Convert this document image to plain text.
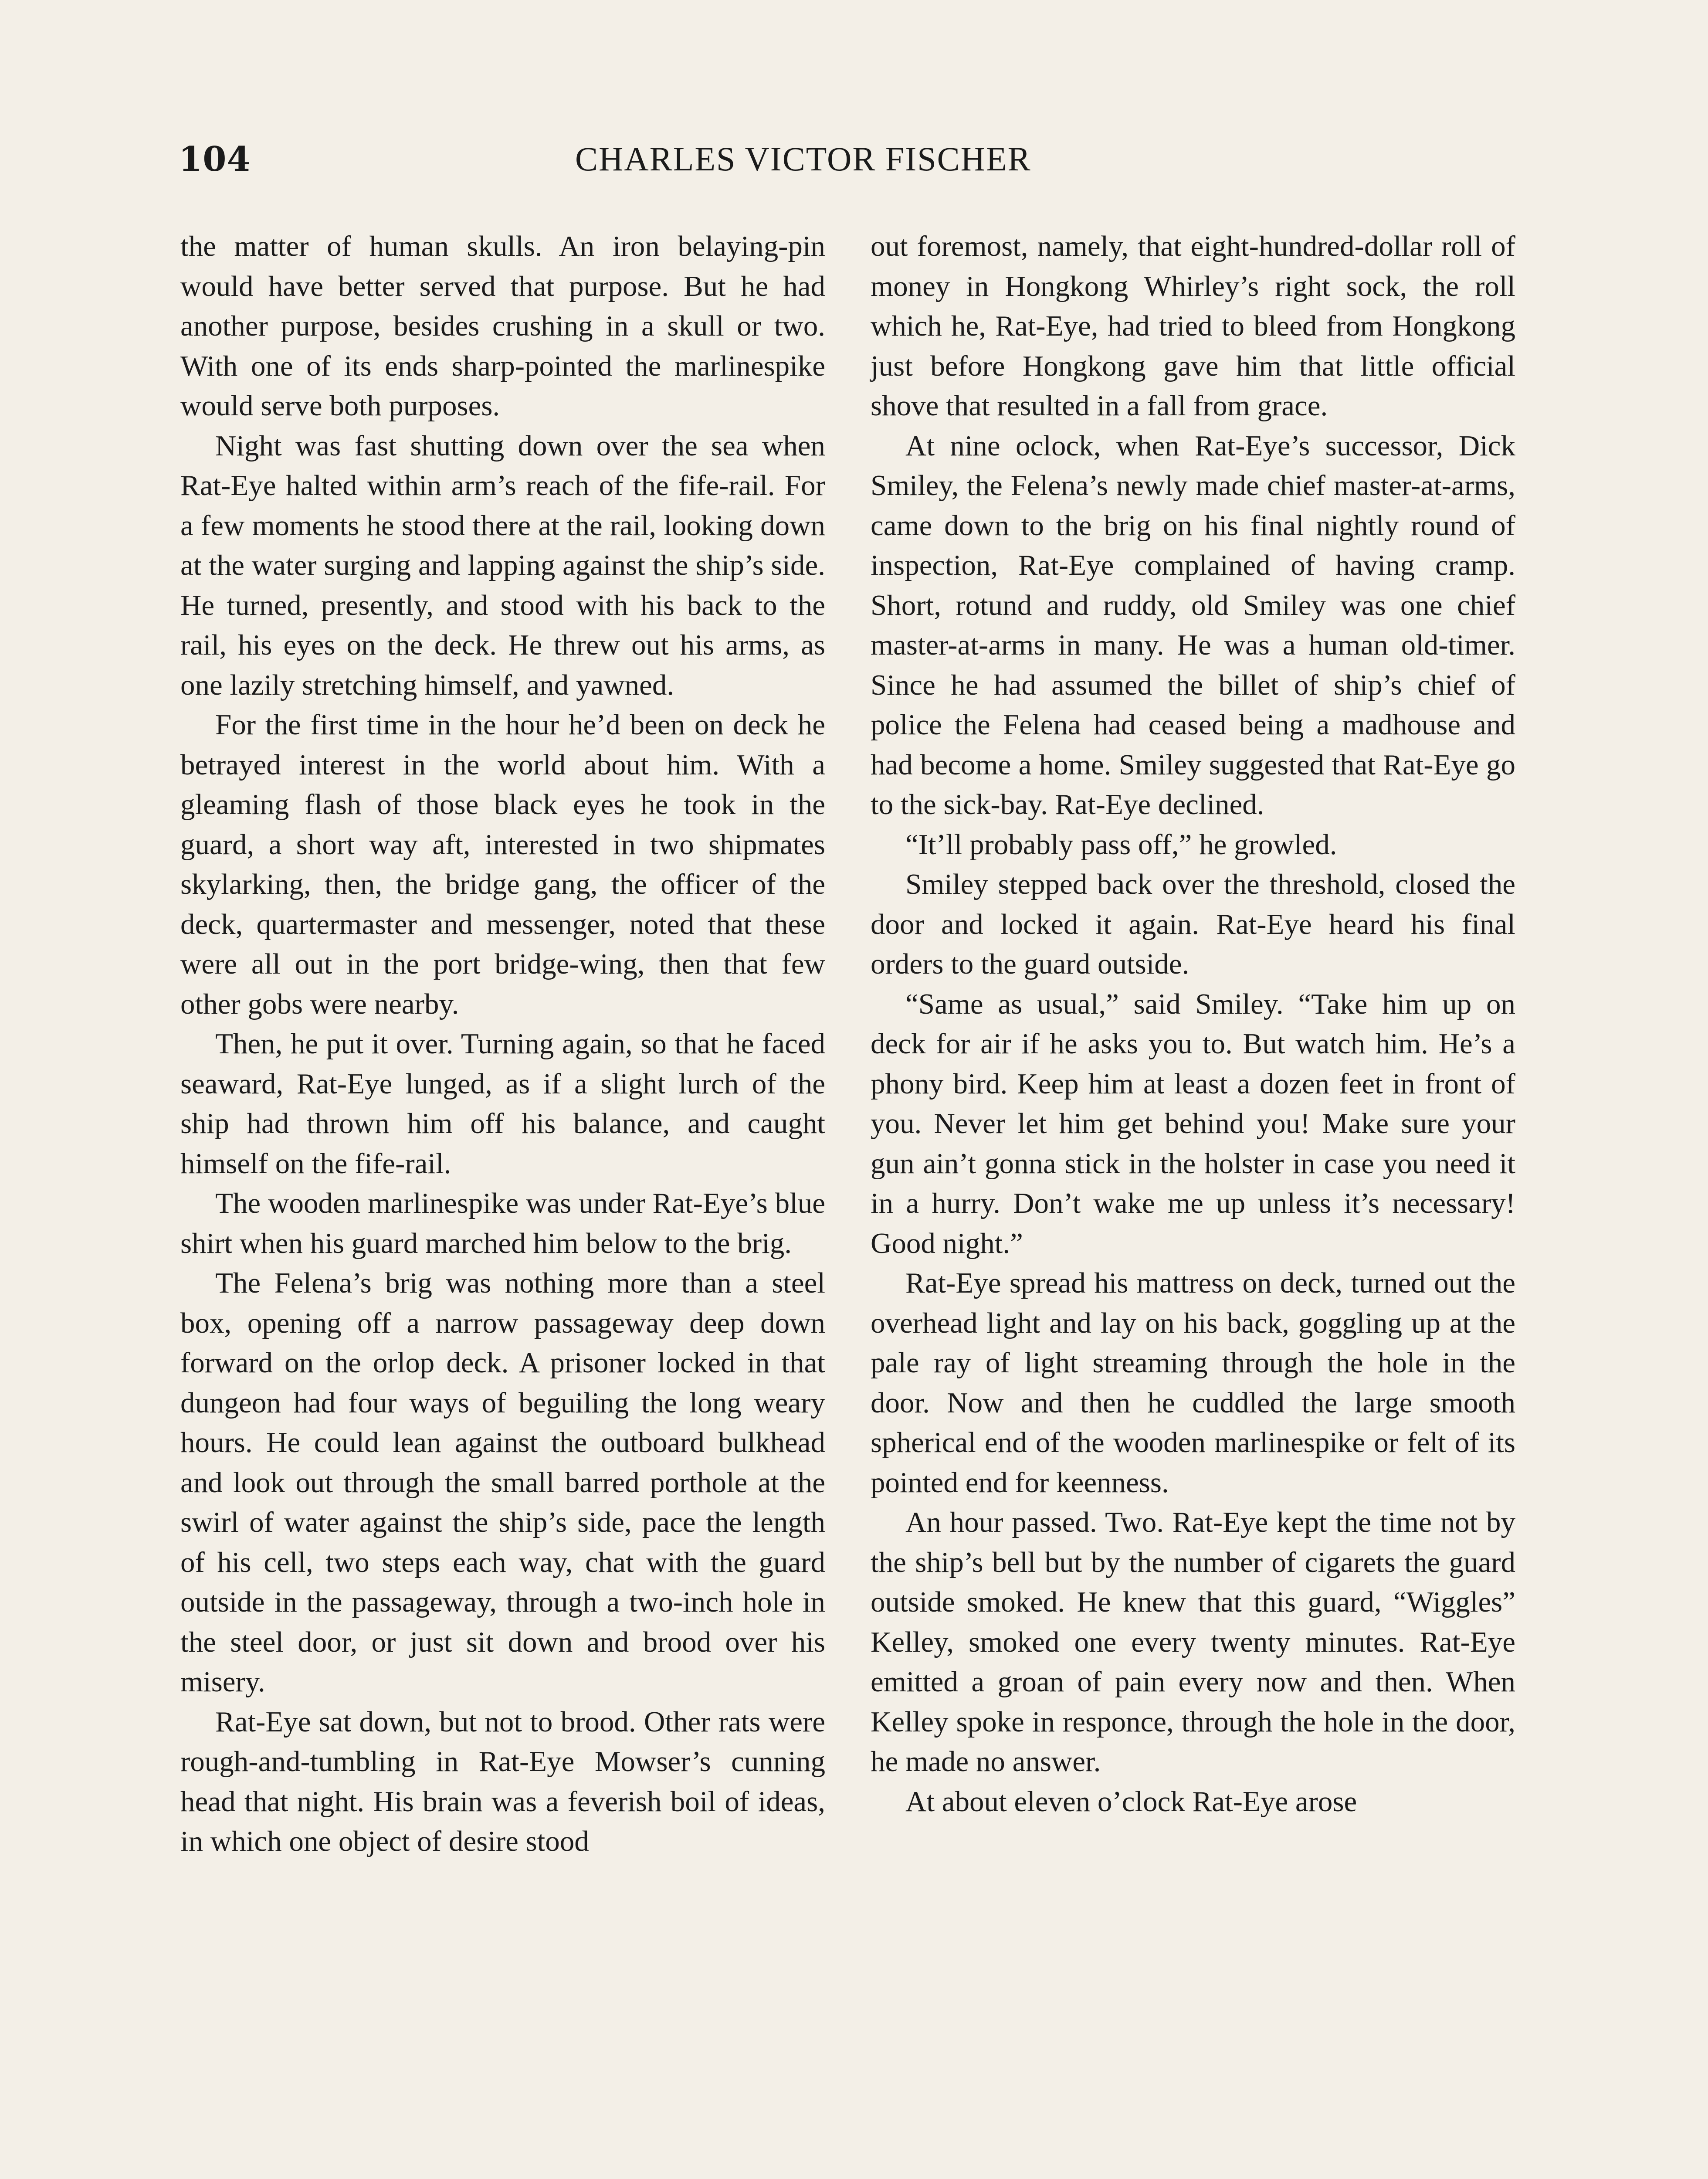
104	CHARLES VICTOR FISCHER

the matter of human skulls. An iron belaying-pin would have better served that purpose. But he had another purpose, besides crushing in a skull or two. With one of its ends sharp-pointed the marlinespike would serve both purposes.

Night was fast shutting down over the sea when Rat-Eye halted within arm’s reach of the fife-rail. For a few moments he stood there at the rail, looking down at the water surging and lapping against the ship’s side. He turned, presently, and stood with his back to the rail, his eyes on the deck. He threw out his arms, as one lazily stretching himself, and yawned.

For the first time in the hour he’d been on deck he betrayed interest in the world about him. With a gleaming flash of those black eyes he took in the guard, a short way aft, interested in two shipmates skylarking, then, the bridge gang, the officer of the deck, quartermaster and messenger, noted that these were all out in the port bridge-wing, then that few other gobs were nearby.

Then, he put it over. Turning again, so that he faced seaward, Rat-Eye lunged, as if a slight lurch of the ship had thrown him off his balance, and caught himself on the fife-rail.

The wooden marlinespike was under Rat-Eye’s blue shirt when his guard marched him below to the brig.

The Felena’s brig was nothing more than a steel box, opening off a narrow passageway deep down forward on the orlop deck. A prisoner locked in that dungeon had four ways of beguiling the long weary hours. He could lean against the outboard bulkhead and look out through the small barred porthole at the swirl of water against the ship’s side, pace the length of his cell, two steps each way, chat with the guard outside in the passageway, through a two-inch hole in the steel door, or just sit down and brood over his misery.

Rat-Eye sat down, but not to brood. Other rats were rough-and-tumbling in Rat-Eye Mowser’s cunning head that night. His brain was a feverish boil of ideas, in which one object of desire stood

out foremost, namely, that eight-hundred-dollar roll of money in Hongkong Whirley’s right sock, the roll which he, Rat-Eye, had tried to bleed from Hongkong just before Hongkong gave him that little official shove that resulted in a fall from grace.

At nine oclock, when Rat-Eye’s successor, Dick Smiley, the Felena’s newly made chief master-at-arms, came down to the brig on his final nightly round of inspection, Rat-Eye complained of having cramp. Short, rotund and ruddy, old Smiley was one chief master-at-arms in many. He was a human old-timer. Since he had assumed the billet of ship’s chief of police the Felena had ceased being a madhouse and had become a home. Smiley suggested that Rat-Eye go to the sick-bay. Rat-Eye declined.

“It’ll probably pass off,” he growled.

Smiley stepped back over the threshold, closed the door and locked it again. Rat-Eye heard his final orders to the guard outside.

“Same as usual,” said Smiley. “Take him up on deck for air if he asks you to. But watch him. He’s a phony bird. Keep him at least a dozen feet in front of you. Never let him get behind you! Make sure your gun ain’t gonna stick in the holster in case you need it in a hurry. Don’t wake me up unless it’s necessary! Good night.”

Rat-Eye spread his mattress on deck, turned out the overhead light and lay on his back, goggling up at the pale ray of light streaming through the hole in the door. Now and then he cuddled the large smooth spherical end of the wooden marlinespike or felt of its pointed end for keenness.

An hour passed. Two. Rat-Eye kept the time not by the ship’s bell but by the number of cigarets the guard outside smoked. He knew that this guard, “Wiggles” Kelley, smoked one every twenty minutes. Rat-Eye emitted a groan of pain every now and then. When Kelley spoke in responce, through the hole in the door, he made no answer.

At about eleven o’clock Rat-Eye arose
